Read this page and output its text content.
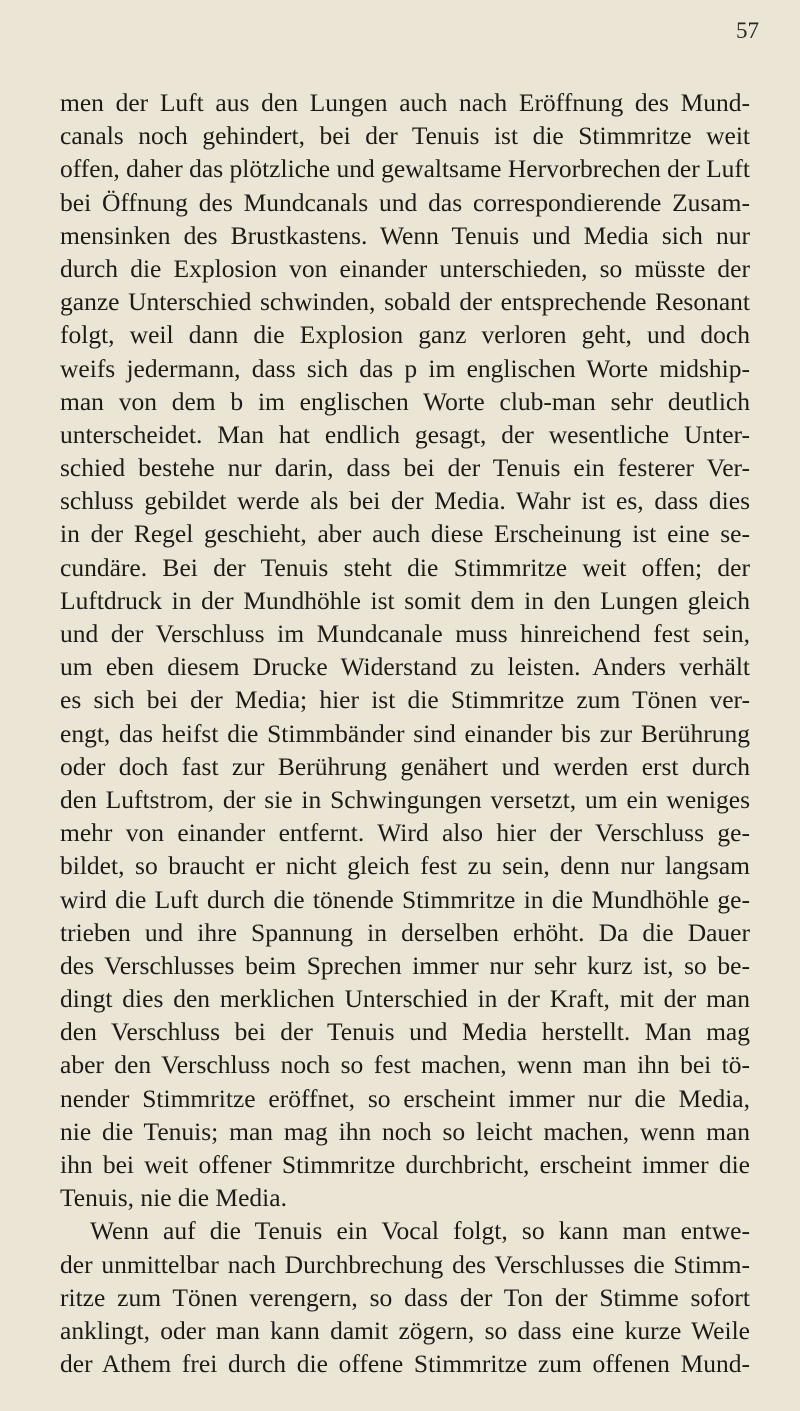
57
men der Luft aus den Lungen auch nach Eröffnung des Mund-
canals noch gehindert, bei der Tenuis ist die Stimmritze weit
offen, daher das plötzliche und gewaltsame Hervorbrechen der Luft
bei Öffnung des Mundcanals und das correspondierende Zusam-
mensinken des Brustkastens. Wenn Tenuis und Media sich nur
durch die Explosion von einander unterschieden, so müsste der
ganze Unterschied schwinden, sobald der entsprechende Resonant
folgt, weil dann die Explosion ganz verloren geht, und doch
weifs jedermann, dass sich das p im englischen Worte midship-
man von dem b im englischen Worte club-man sehr deutlich
unterscheidet. Man hat endlich gesagt, der wesentliche Unter-
schied bestehe nur darin, dass bei der Tenuis ein festerer Ver-
schluss gebildet werde als bei der Media. Wahr ist es, dass dies
in der Regel geschieht, aber auch diese Erscheinung ist eine se-
cundäre. Bei der Tenuis steht die Stimmritze weit offen; der
Luftdruck in der Mundhöhle ist somit dem in den Lungen gleich
und der Verschluss im Mundcanale muss hinreichend fest sein,
um eben diesem Drucke Widerstand zu leisten. Anders verhält
es sich bei der Media; hier ist die Stimmritze zum Tönen ver-
engt, das heifst die Stimmbänder sind einander bis zur Berührung
oder doch fast zur Berührung genähert und werden erst durch
den Luftstrom, der sie in Schwingungen versetzt, um ein weniges
mehr von einander entfernt. Wird also hier der Verschluss ge-
bildet, so braucht er nicht gleich fest zu sein, denn nur langsam
wird die Luft durch die tönende Stimmritze in die Mundhöhle ge-
trieben und ihre Spannung in derselben erhöht. Da die Dauer
des Verschlusses beim Sprechen immer nur sehr kurz ist, so be-
dingt dies den merklichen Unterschied in der Kraft, mit der man
den Verschluss bei der Tenuis und Media herstellt. Man mag
aber den Verschluss noch so fest machen, wenn man ihn bei tö-
nender Stimmritze eröffnet, so erscheint immer nur die Media,
nie die Tenuis; man mag ihn noch so leicht machen, wenn man
ihn bei weit offener Stimmritze durchbricht, erscheint immer die
Tenuis, nie die Media.
Wenn auf die Tenuis ein Vocal folgt, so kann man entwe-
der unmittelbar nach Durchbrechung des Verschlusses die Stimm-
ritze zum Tönen verengern, so dass der Ton der Stimme sofort
anklingt, oder man kann damit zögern, so dass eine kurze Weile
der Athem frei durch die offene Stimmritze zum offenen Mund-
